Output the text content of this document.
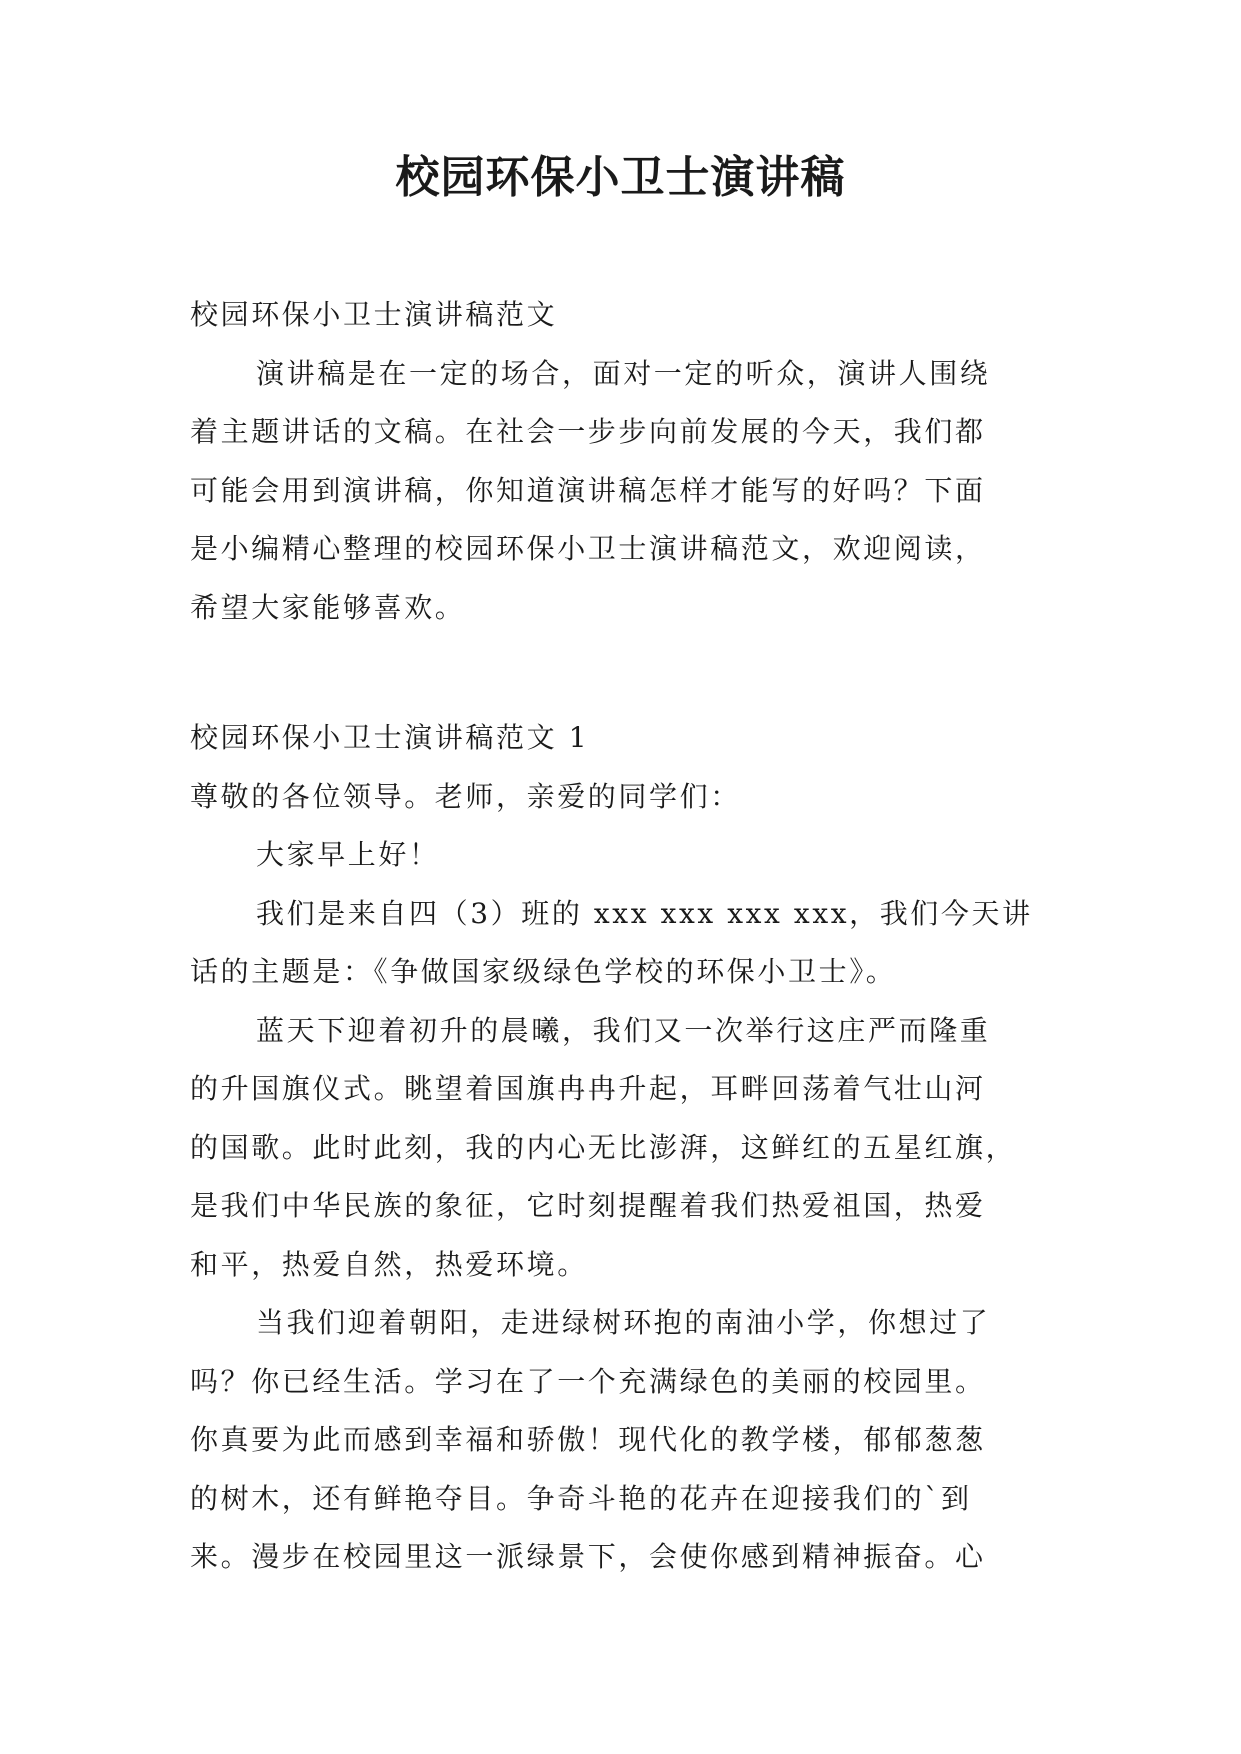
校园环保小卫士演讲稿
校园环保小卫士演讲稿范文
演讲稿是在一定的场合，面对一定的听众，演讲人围绕
着主题讲话的文稿。在社会一步步向前发展的今天，我们都
可能会用到演讲稿，你知道演讲稿怎样才能写的好吗？下面
是小编精心整理的校园环保小卫士演讲稿范文，欢迎阅读，
希望大家能够喜欢。
校园环保小卫士演讲稿范文 1
尊敬的各位领导。老师，亲爱的同学们：
大家早上好！
我们是来自四（3）班的 xxx xxx xxx xxx，我们今天讲
话的主题是：《争做国家级绿色学校的环保小卫士》。
蓝天下迎着初升的晨曦，我们又一次举行这庄严而隆重
的升国旗仪式。眺望着国旗冉冉升起，耳畔回荡着气壮山河
的国歌。此时此刻，我的内心无比澎湃，这鲜红的五星红旗，
是我们中华民族的象征，它时刻提醒着我们热爱祖国，热爱
和平，热爱自然，热爱环境。
当我们迎着朝阳，走进绿树环抱的南油小学，你想过了
吗？你已经生活。学习在了一个充满绿色的美丽的校园里。
你真要为此而感到幸福和骄傲！现代化的教学楼，郁郁葱葱
的树木，还有鲜艳夺目。争奇斗艳的花卉在迎接我们的`到
来。漫步在校园里这一派绿景下，会使你感到精神振奋。心
